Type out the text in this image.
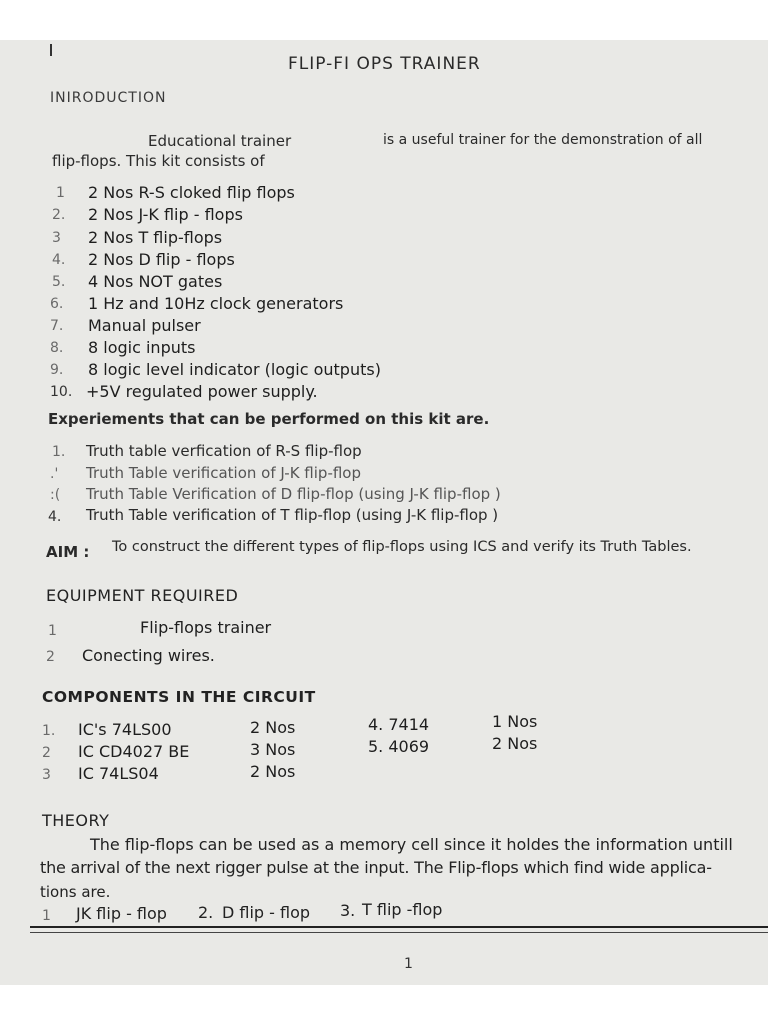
FLIP-FI OPS TRAINER
INIRODUCTION
Educational trainer	is a useful trainer for the demonstration of all
flip-flops. This kit consists of
1 2 Nos R-S cloked flip flops
2. 2 Nos J-K flip - flops
3 2 Nos T flip-flops
4. 2 Nos D flip - flops
5. 4 Nos NOT gates
6. 1 Hz and 10Hz clock generators
7. Manual pulser
8. 8 logic inputs
9. 8 logic level indicator (logic outputs)
10. +5V regulated power supply.
Experiements that can be performed on this kit are.
1. Truth table verfication of R-S flip-flop
.' Truth Table verification of J-K flip-flop
:( Truth Table Verification of D flip-flop (using J-K flip-flop )
4. Truth Table verification of T flip-flop (using J-K flip-flop )
AIM : To construct the different types of flip-flops using ICS and verify its Truth Tables.
EQUIPMENT REQUIRED
1	Flip-flops trainer
2 Conecting wires.
COMPONENTS IN THE CIRCUIT
1. IC's 74LS00	2 Nos	4. 7414	1 Nos
2 IC CD4027 BE	3 Nos	5. 4069	2 Nos
3 IC 74LS04	2 Nos
THEORY
The flip-flops can be used as a memory cell since it holdes the information untill
the arrival of the next rigger pulse at the input. The Flip-flops which find wide applica-
tions are.
1 JK flip - flop 2. D flip - flop 3. T flip -flop
1
